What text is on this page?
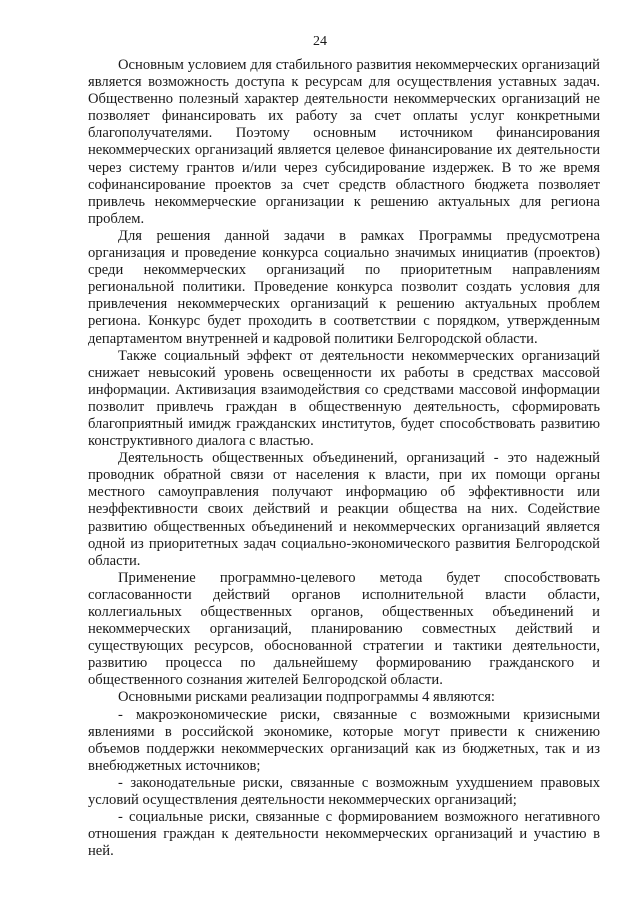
24

Основным условием для стабильного развития некоммерческих организаций является возможность доступа к ресурсам для осуществления уставных задач. Общественно полезный характер деятельности некоммерческих организаций не позволяет финансировать их работу за счет оплаты услуг конкретными благополучателями. Поэтому основным источником финансирования некоммерческих организаций является целевое финансирование их деятельности через систему грантов и/или через субсидирование издержек. В то же время софинансирование проектов за счет средств областного бюджета позволяет привлечь некоммерческие организации к решению актуальных для региона проблем.

Для решения данной задачи в рамках Программы предусмотрена организация и проведение конкурса социально значимых инициатив (проектов) среди некоммерческих организаций по приоритетным направлениям региональной политики. Проведение конкурса позволит создать условия для привлечения некоммерческих организаций к решению актуальных проблем региона. Конкурс будет проходить в соответствии с порядком, утвержденным департаментом внутренней и кадровой политики Белгородской области.

Также социальный эффект от деятельности некоммерческих организаций снижает невысокий уровень освещенности их работы в средствах массовой информации. Активизация взаимодействия со средствами массовой информации позволит привлечь граждан в общественную деятельность, сформировать благоприятный имидж гражданских институтов, будет способствовать развитию конструктивного диалога с властью.

Деятельность общественных объединений, организаций - это надежный проводник обратной связи от населения к власти, при их помощи органы местного самоуправления получают информацию об эффективности или неэффективности своих действий и реакции общества на них. Содействие развитию общественных объединений и некоммерческих организаций является одной из приоритетных задач социально-экономического развития Белгородской области.

Применение программно-целевого метода будет способствовать согласованности действий органов исполнительной власти области, коллегиальных общественных органов, общественных объединений и некоммерческих организаций, планированию совместных действий и существующих ресурсов, обоснованной стратегии и тактики деятельности, развитию процесса по дальнейшему формированию гражданского и общественного сознания жителей Белгородской области.

Основными рисками реализации подпрограммы 4 являются:

- макроэкономические риски, связанные с возможными кризисными явлениями в российской экономике, которые могут привести к снижению объемов поддержки некоммерческих организаций как из бюджетных, так и из внебюджетных источников;

- законодательные риски, связанные с возможным ухудшением правовых условий осуществления деятельности некоммерческих организаций;

- социальные риски, связанные с формированием возможного негативного отношения граждан к деятельности некоммерческих организаций и участию в ней.
